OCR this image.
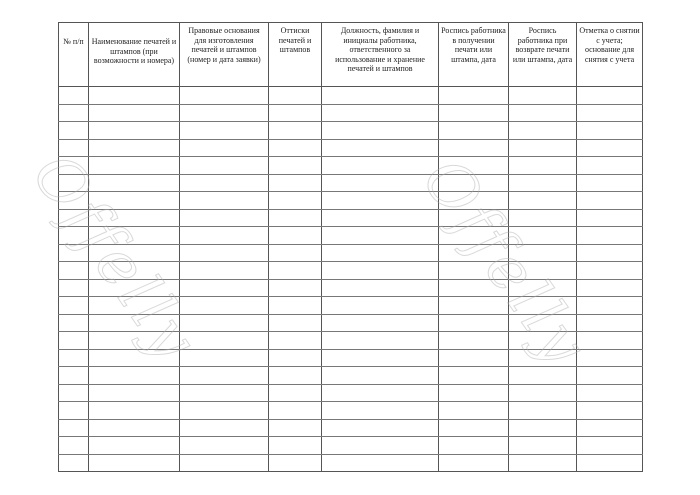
№ п/п	Наименование печатей и штампов (при возможности и номера)	Правовые основания для изготовления печатей и штампов (номер и дата заявки)	Оттиски печатей и штампов	Должность, фамилия и инициалы работника, ответственного за использование и хранение печатей и штампов	Роспись работника в получении печати или штампа, дата	Роспись работника при возврате печати или штампа, дата	Отметка о снятии с учета; основание для снятия с учета

Offelly	Offelly
